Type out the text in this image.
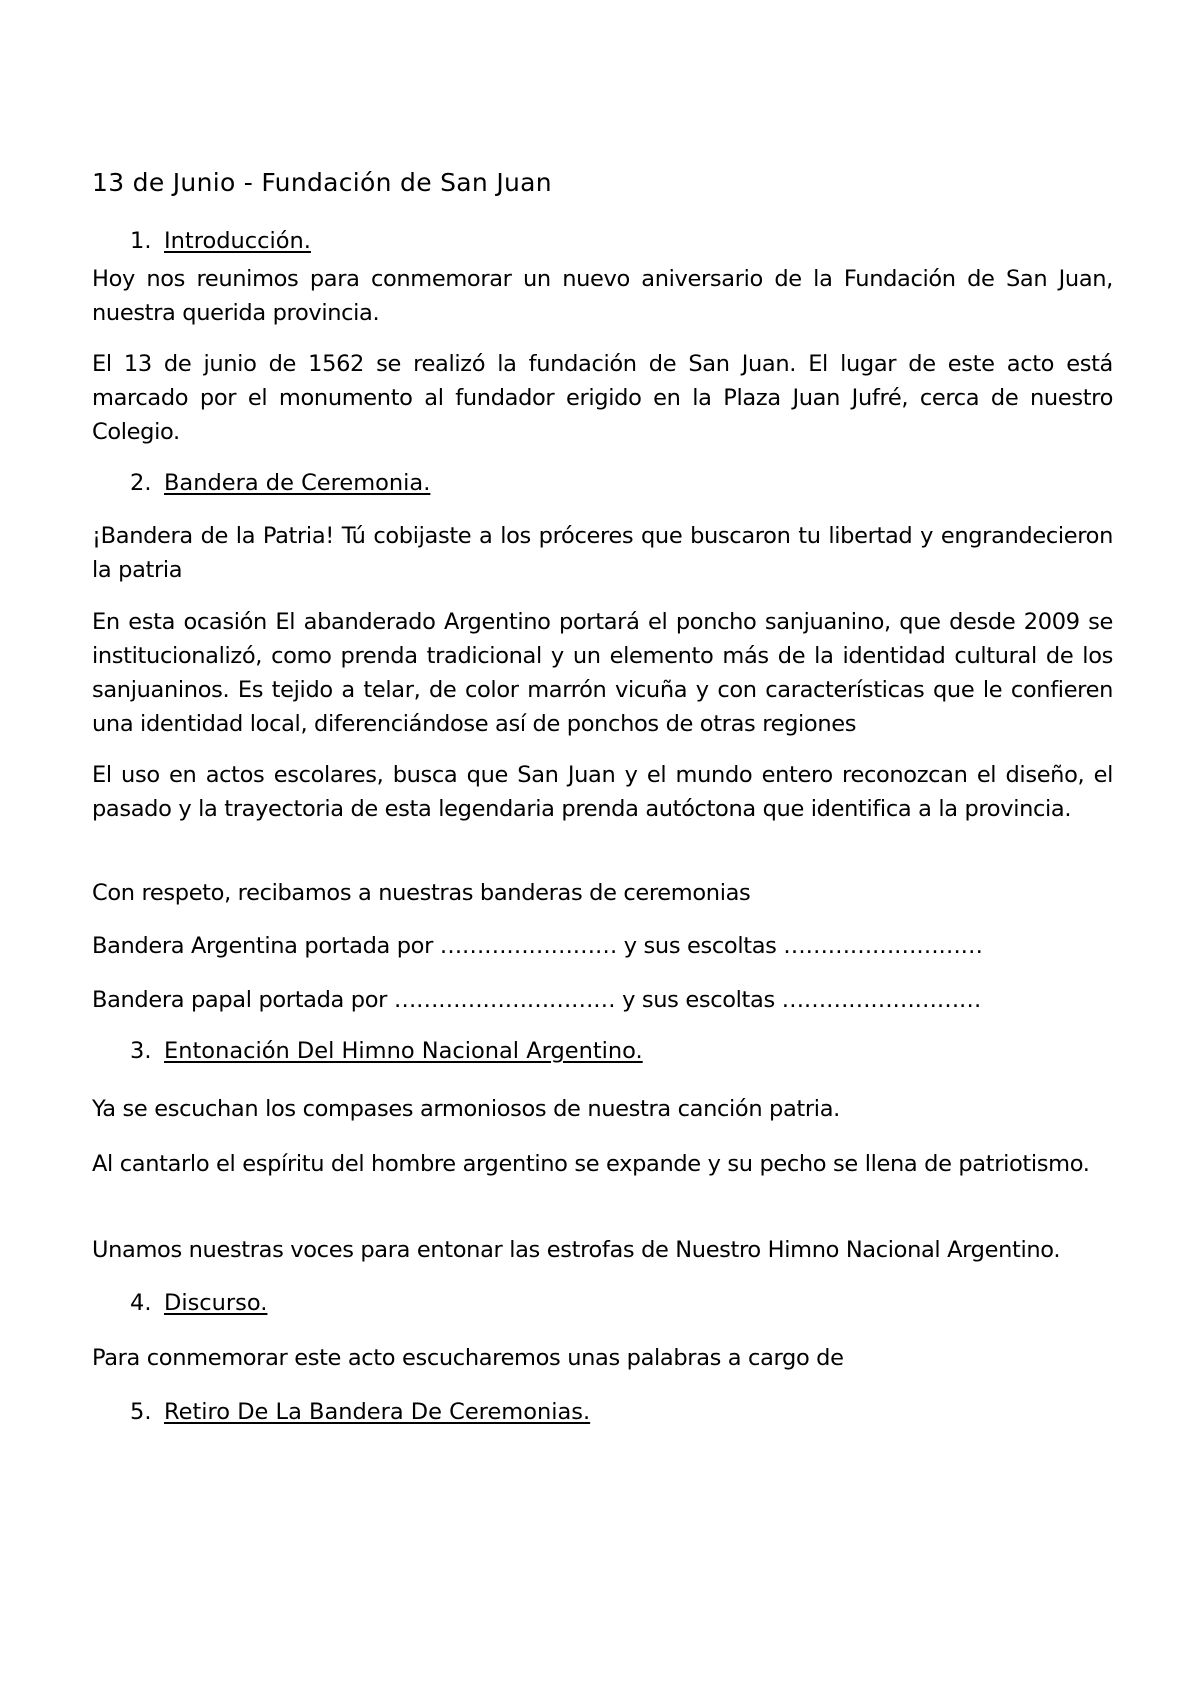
13 de Junio - Fundación de San Juan
1. Introducción.

Hoy nos reunimos para conmemorar un nuevo aniversario de la Fundación de San Juan, nuestra querida provincia.

El 13 de junio de 1562 se realizó la fundación de San Juan. El lugar de este acto está marcado por el monumento al fundador erigido en la Plaza Juan Jufré, cerca de nuestro Colegio.

2. Bandera de Ceremonia.

¡Bandera de la Patria! Tú cobijaste a los próceres que buscaron tu libertad y engrandecieron la patria

En esta ocasión El abanderado Argentino portará el poncho sanjuanino, que desde 2009 se institucionalizó, como prenda tradicional y un elemento más de la identidad cultural de los sanjuaninos. Es tejido a telar, de color marrón vicuña y con características que le confieren una identidad local, diferenciándose así de ponchos de otras regiones

El uso en actos escolares, busca que San Juan y el mundo entero reconozcan el diseño, el pasado y la trayectoria de esta legendaria prenda autóctona que identifica a la provincia.

Con respeto, recibamos a nuestras banderas de ceremonias

Bandera Argentina portada por …………………… y sus escoltas ………………………

Bandera papal portada por ………………………… y sus escoltas ………………………

3. Entonación Del Himno Nacional Argentino.

Ya se escuchan los compases armoniosos de nuestra canción patria.

Al cantarlo el espíritu del hombre argentino se expande y su pecho se llena de patriotismo.

Unamos nuestras voces para entonar las estrofas de Nuestro Himno Nacional Argentino.

4. Discurso.

Para conmemorar este acto escucharemos unas palabras a cargo de

5. Retiro De La Bandera De Ceremonias.
